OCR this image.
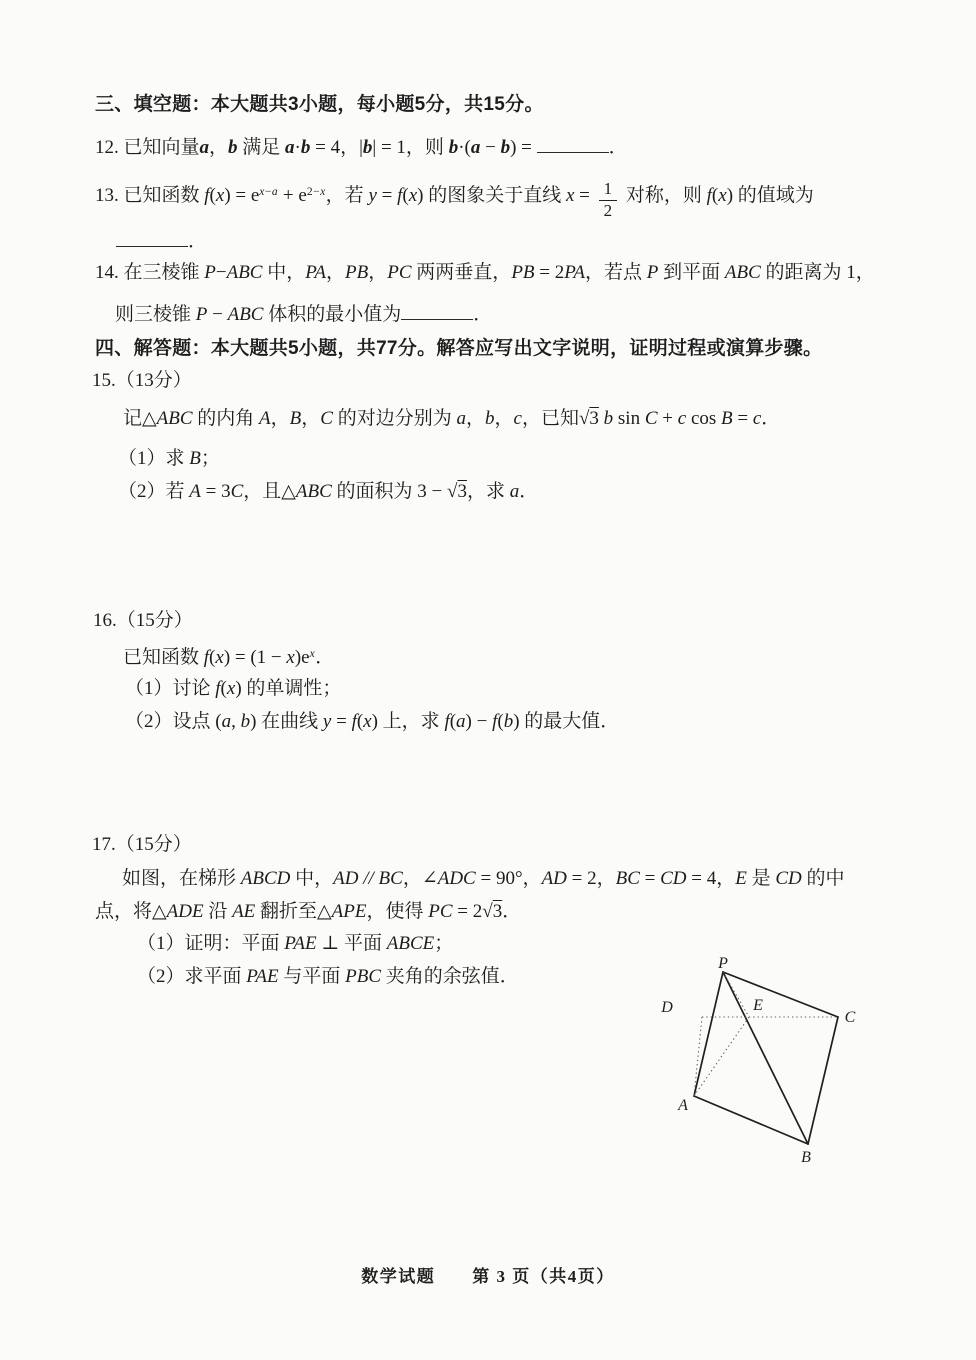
三、填空题：本大题共3小题，每小题5分，共15分。
12. 已知向量a，b 满足 a·b = 4，|b| = 1，则 b·(a − b) =	．
13. 已知函数 $f(x) = e^{x-a} + e^{2-x}$，若 y = f(x) 的图象关于直线 $x = \frac{1}{2}$ 对称，则 f(x) 的值域为
．
14. 在三棱锥 P−ABC 中，PA，PB，PC 两两垂直，PB = 2PA，若点 P 到平面 ABC 的距离为 1，
则三棱锥 P − ABC 体积的最小值为	．
四、解答题：本大题共5小题，共77分。解答应写出文字说明，证明过程或演算步骤。
15.（13分）
记△ABC 的内角 A，B，C 的对边分别为 a，b，c，已知√3 b sin C + c cos B = c．
（1）求 B；
（2）若 A = 3C，且△ABC 的面积为 3 − √3，求 a．
16.（15分）
已知函数 $f(x) = (1 - x)e^x$．
（1）讨论 f(x) 的单调性；
（2）设点 (a, b) 在曲线 y = f(x) 上，求 f(a) − f(b) 的最大值．
17.（15分）
如图，在梯形 ABCD 中，AD // BC，∠ADC = 90°，AD = 2，BC = CD = 4，E 是 CD 的中
点，将△ADE 沿 AE 翻折至△APE，使得 PC = 2√3．
（1）证明：平面 PAE ⊥ 平面 ABCE；
（2）求平面 PAE 与平面 PBC 夹角的余弦值．
P
D	E
C
A
B
数学试题　　第 3 页（共4页）
